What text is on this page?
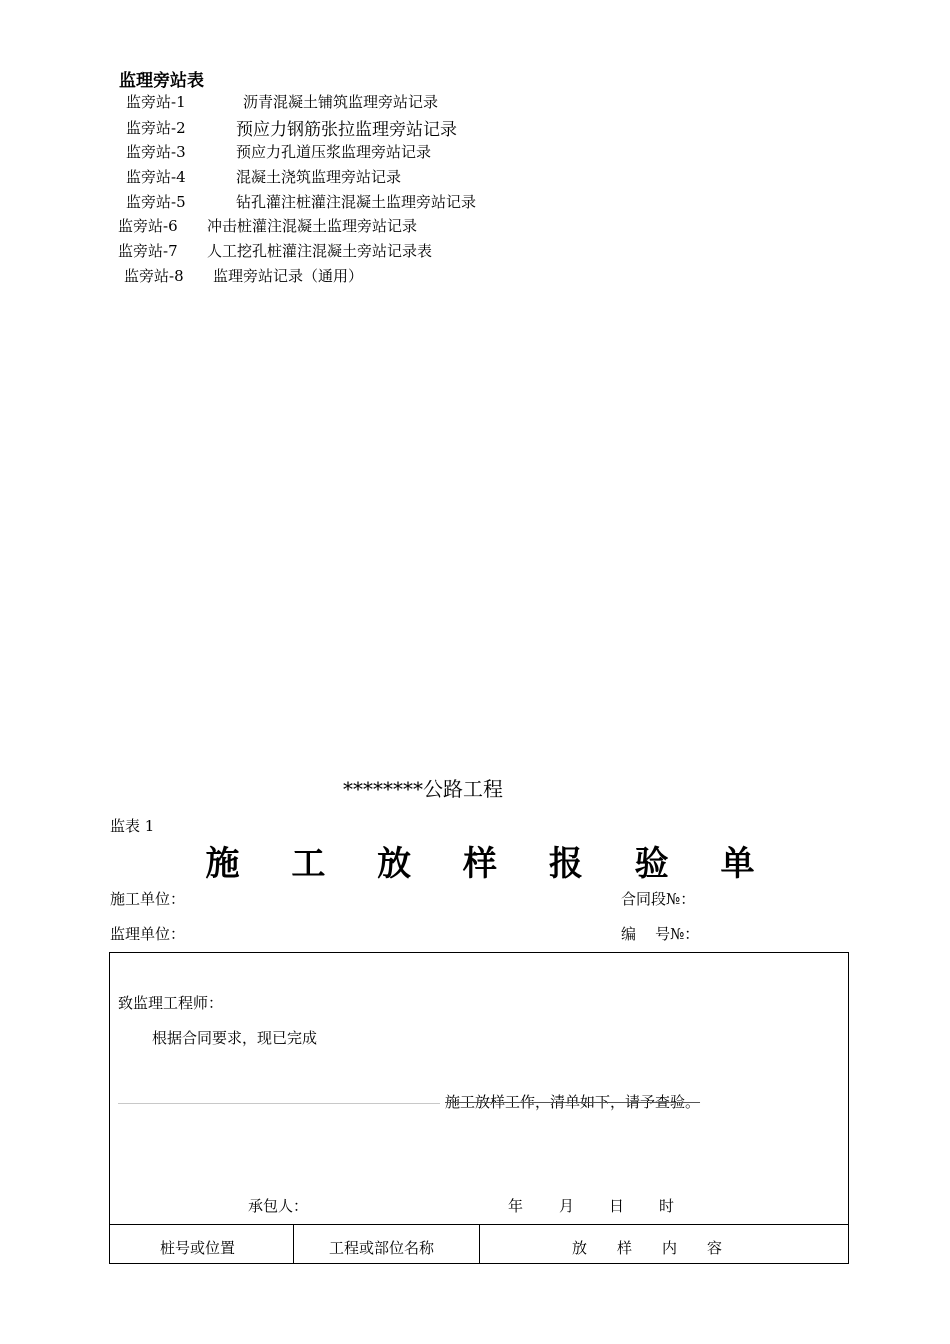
监理旁站表
监旁站-1	沥青混凝土铺筑监理旁站记录
监旁站-2	预应力钢筋张拉监理旁站记录
监旁站-3	预应力孔道压浆监理旁站记录
监旁站-4	混凝土浇筑监理旁站记录
监旁站-5	钻孔灌注桩灌注混凝土监理旁站记录
监旁站-6 冲击桩灌注混凝土监理旁站记录
监旁站-7 人工挖孔桩灌注混凝土旁站记录表
监旁站-8 监理旁站记录（通用）
********公路工程
监表 1
施 工 放 样 报 验 单
施工单位：	合同段№：
监理单位：	编    号№：
致监理工程师：
根据合同要求，现已完成
施工放样工作，清单如下，请予查验。
承包人：	年 月 日 时
桩号或位置	工程或部位名称	放　　样　　内　　容
